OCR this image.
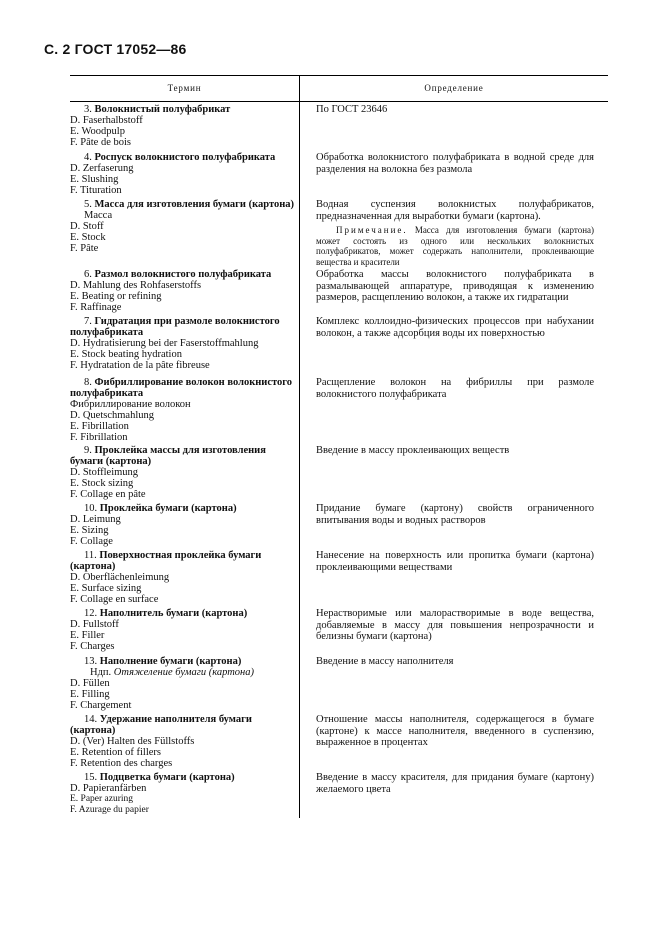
С. 2 ГОСТ 17052—86
Термин	Определение
3. Волокнистый полуфабрикат
D. Faserhalbstoff
E. Woodpulp
F. Pâte de bois
По ГОСТ 23646
4. Роспуск волокнистого полуфабриката
D. Zerfaserung
E. Slushing
F. Tituration
Обработка волокнистого полуфабриката в водной среде для разделения на волокна без размола
5. Масса для изготовления бумаги (картона)
Масса
D. Stoff
E. Stock
F. Pâte
Водная суспензия волокнистых полуфабрикатов, предназначенная для выработки бумаги (картона).
Примечание. Масса для изготовления бумаги (картона) может состоять из одного или нескольких волокнистых полуфабрикатов, может содержать наполнители, проклеивающие вещества и красители
6. Размол волокнистого полуфабриката
D. Mahlung des Rohfaserstoffs
E. Beating or refining
F. Raffinage
Обработка массы волокнистого полуфабриката в размалывающей аппаратуре, приводящая к изменению размеров, расщеплению волокон, а также их гидратации
7. Гидратация при размоле волокнистого полуфабриката
D. Hydratisierung bei der Faserstoffmahlung
E. Stock beating hydration
F. Hydratation de la pâte fibreuse
Комплекс коллоидно-физических процессов при набухании волокон, а также адсорбция воды их поверхностью
8. Фибриллирование волокон волокнистого полуфабриката
Фибриллирование волокон
D. Quetschmahlung
E. Fibrillation
F. Fibrillation
Расщепление волокон на фибриллы при размоле волокнистого полуфабриката
9. Проклейка массы для изготовления бумаги (картона)
D. Stoffleimung
E. Stock sizing
F. Collage en pâte
Введение в массу проклеивающих веществ
10. Проклейка бумаги (картона)
D. Leimung
E. Sizing
F. Collage
Придание бумаге (картону) свойств ограниченного впитывания воды и водных растворов
11. Поверхностная проклейка бумаги (картона)
D. Oberflächenleimung
E. Surface sizing
F. Collage en surface
Нанесение на поверхность или пропитка бумаги (картона) проклеивающими веществами
12. Наполнитель бумаги (картона)
D. Fullstoff
E. Filler
F. Charges
Нерастворимые или малорастворимые в воде вещества, добавляемые в массу для повышения непрозрачности и белизны бумаги (картона)
13. Наполнение бумаги (картона)
Ндп. Отяжеление бумаги (картона)
D. Füllen
E. Filling
F. Chargement
Введение в массу наполнителя
14. Удержание наполнителя бумаги (картона)
D. (Ver) Halten des Füllstoffs
E. Retention of fillers
F. Retention des charges
Отношение массы наполнителя, содержащегося в бумаге (картоне) к массе наполнителя, введенного в суспензию, выраженное в процентах
15. Подцветка бумаги (картона)
D. Papieranfärben
E. Paper azuring
F. Azurage du papier
Введение в массу красителя, для придания бумаге (картону) желаемого цвета
